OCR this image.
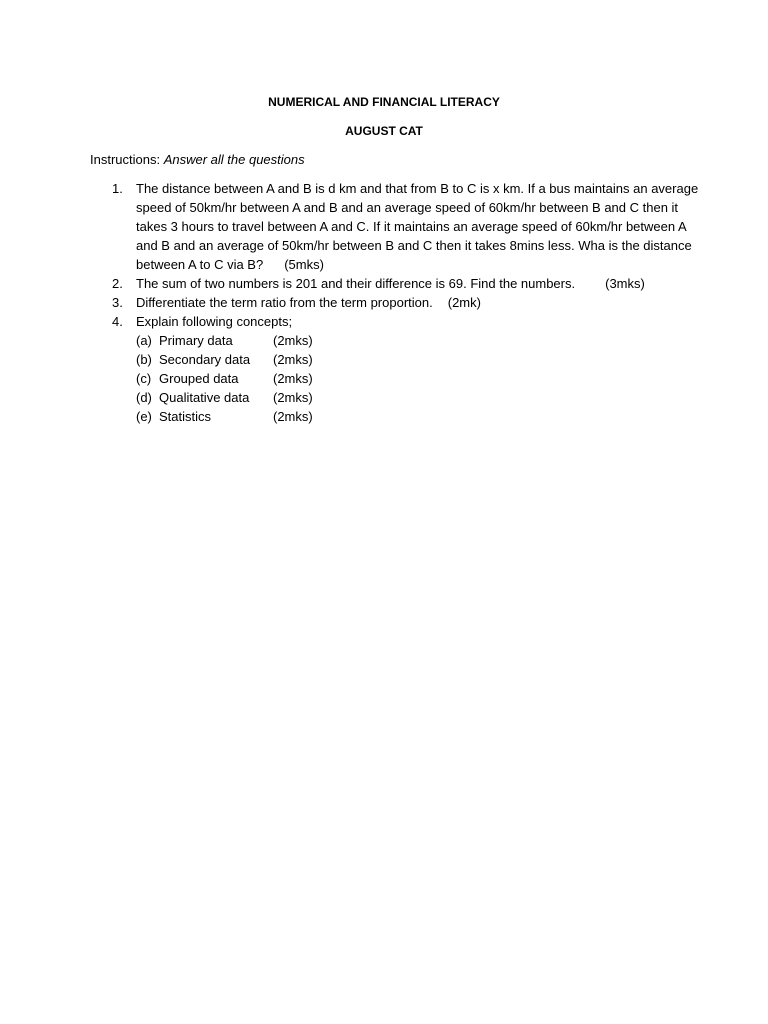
NUMERICAL AND FINANCIAL LITERACY
AUGUST CAT
Instructions: Answer all the questions
1.	The distance between A and B is d km and that from B to C is x km. If a bus maintains an average
speed of 50km/hr between A and B and an average speed of 60km/hr between B and C then it
takes 3 hours to travel between A and C. If it maintains an average speed of 60km/hr between A
and B and an average of 50km/hr between B and C then it takes 8mins less. Wha is the distance
between A to C via B? (5mks)
2.	The sum of two numbers is 201 and their difference is 69. Find the numbers. (3mks)
3.	Differentiate the term ratio from the term proportion. (2mk)
4.	Explain following concepts;
(a) Primary data	(2mks)
(b) Secondary data (2mks)
(c) Grouped data	(2mks)
(d) Qualitative data (2mks)
(e) Statistics	(2mks)
